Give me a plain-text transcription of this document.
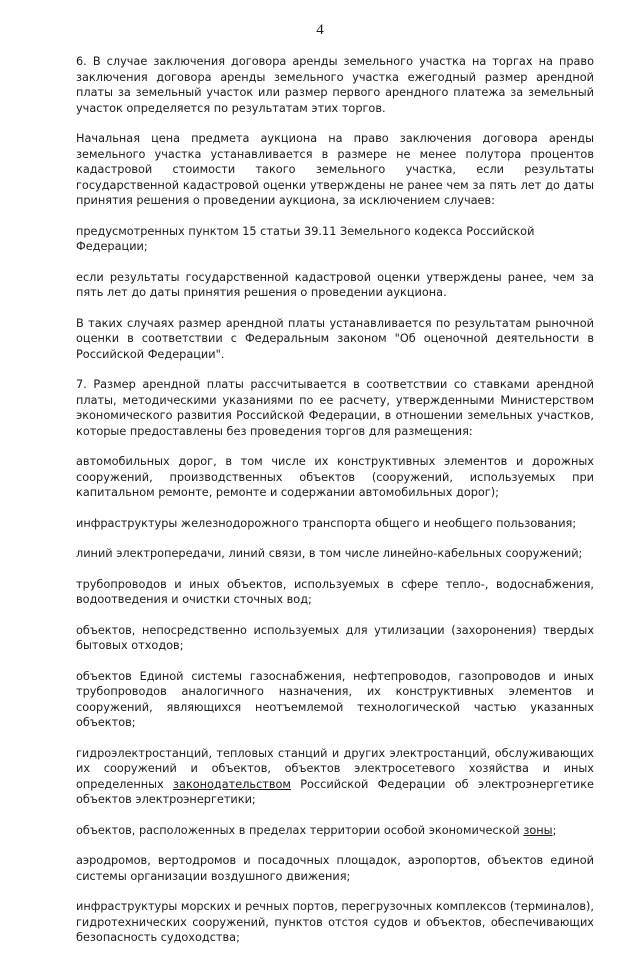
4

6. В случае заключения договора аренды земельного участка на торгах на право заключения договора аренды земельного участка ежегодный размер арендной платы за земельный участок или размер первого арендного платежа за земельный участок определяется по результатам этих торгов.

Начальная цена предмета аукциона на право заключения договора аренды земельного участка устанавливается в размере не менее полутора процентов кадастровой стоимости такого земельного участка, если результаты государственной кадастровой оценки утверждены не ранее чем за пять лет до даты принятия решения о проведении аукциона, за исключением случаев:

предусмотренных пунктом 15 статьи 39.11 Земельного кодекса Российской Федерации;

если результаты государственной кадастровой оценки утверждены ранее, чем за пять лет до даты принятия решения о проведении аукциона.

В таких случаях размер арендной платы устанавливается по результатам рыночной оценки в соответствии с Федеральным законом "Об оценочной деятельности в Российской Федерации".

7. Размер арендной платы рассчитывается в соответствии со ставками арендной платы, методическими указаниями по ее расчету, утвержденными Министерством экономического развития Российской Федерации, в отношении земельных участков, которые предоставлены без проведения торгов для размещения:

автомобильных дорог, в том числе их конструктивных элементов и дорожных сооружений, производственных объектов (сооружений, используемых при капитальном ремонте, ремонте и содержании автомобильных дорог);

инфраструктуры железнодорожного транспорта общего и необщего пользования;

линий электропередачи, линий связи, в том числе линейно-кабельных сооружений;

трубопроводов и иных объектов, используемых в сфере тепло-, водоснабжения, водоотведения и очистки сточных вод;

объектов, непосредственно используемых для утилизации (захоронения) твердых бытовых отходов;

объектов Единой системы газоснабжения, нефтепроводов, газопроводов и иных трубопроводов аналогичного назначения, их конструктивных элементов и сооружений, являющихся неотъемлемой технологической частью указанных объектов;

гидроэлектростанций, тепловых станций и других электростанций, обслуживающих их сооружений и объектов, объектов электросетевого хозяйства и иных определенных законодательством Российской Федерации об электроэнергетике объектов электроэнергетики;

объектов, расположенных в пределах территории особой экономической зоны;

аэродромов, вертодромов и посадочных площадок, аэропортов, объектов единой системы организации воздушного движения;

инфраструктуры морских и речных портов, перегрузочных комплексов (терминалов), гидротехнических сооружений, пунктов отстоя судов и объектов, обеспечивающих безопасность судоходства;
